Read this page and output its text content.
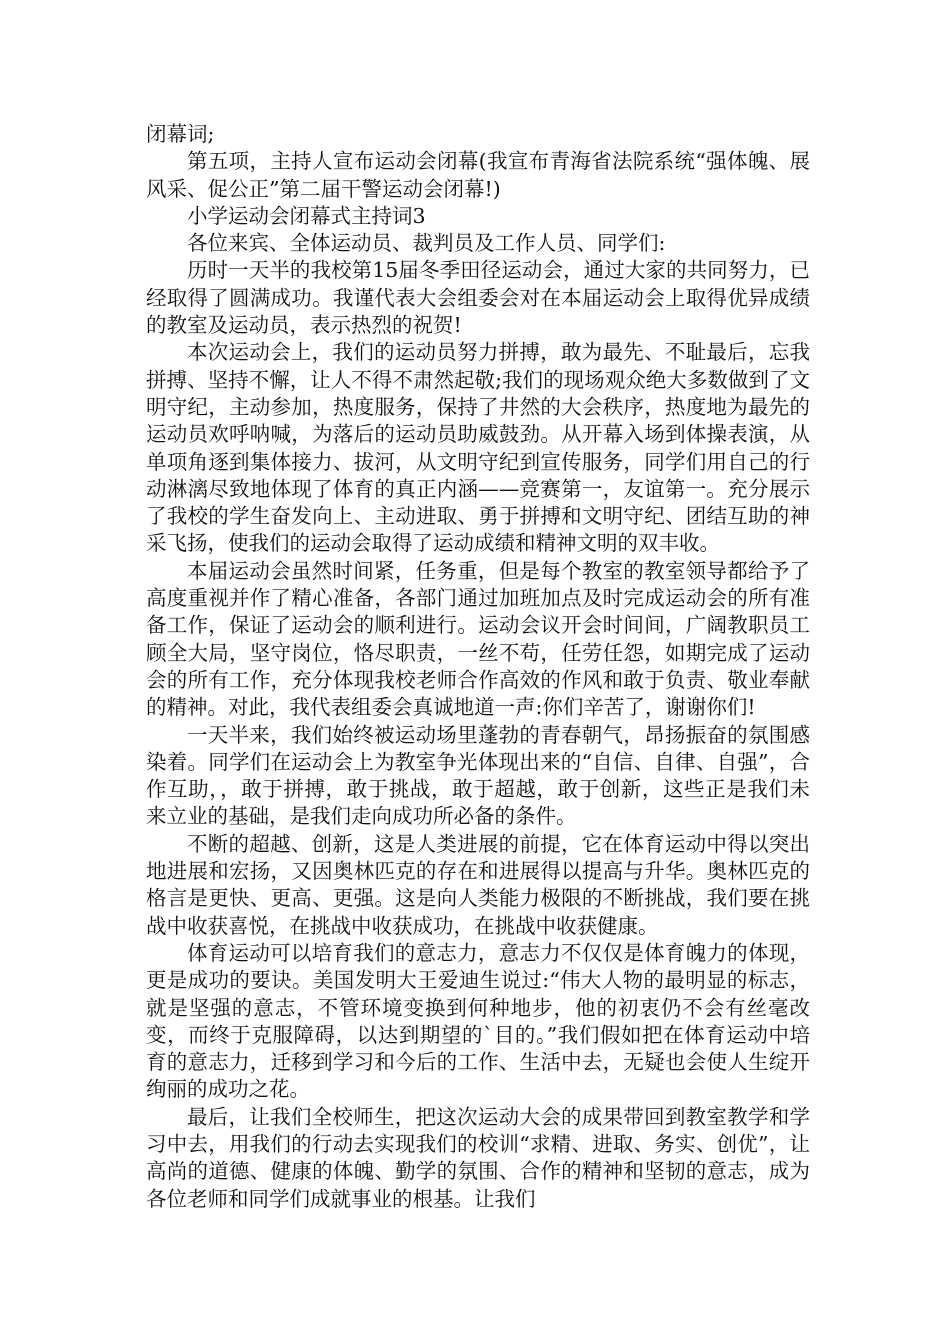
闭幕词;

第五项，主持人宣布运动会闭幕(我宣布青海省法院系统“强体魄、展风采、促公正”第二届干警运动会闭幕!)

小学运动会闭幕式主持词3

各位来宾、全体运动员、裁判员及工作人员、同学们:

历时一天半的我校第15届冬季田径运动会，通过大家的共同努力，已经取得了圆满成功。我谨代表大会组委会对在本届运动会上取得优异成绩的教室及运动员，表示热烈的祝贺!

本次运动会上，我们的运动员努力拼搏，敢为最先、不耻最后，忘我拼搏、坚持不懈，让人不得不肃然起敬;我们的现场观众绝大多数做到了文明守纪，主动参加，热度服务，保持了井然的大会秩序，热度地为最先的运动员欢呼呐喊，为落后的运动员助威鼓劲。从开幕入场到体操表演，从单项角逐到集体接力、拔河，从文明守纪到宣传服务，同学们用自己的行动淋漓尽致地体现了体育的真正内涵——竞赛第一，友谊第一。充分展示了我校的学生奋发向上、主动进取、勇于拼搏和文明守纪、团结互助的神采飞扬，使我们的运动会取得了运动成绩和精神文明的双丰收。

本届运动会虽然时间紧，任务重，但是每个教室的教室领导都给予了高度重视并作了精心准备，各部门通过加班加点及时完成运动会的所有准备工作，保证了运动会的顺利进行。运动会议开会时间间，广阔教职员工顾全大局，坚守岗位，恪尽职责，一丝不苟，任劳任怨，如期完成了运动会的所有工作，充分体现我校老师合作高效的作风和敢于负责、敬业奉献的精神。对此，我代表组委会真诚地道一声:你们辛苦了，谢谢你们!

一天半来，我们始终被运动场里蓬勃的青春朝气，昂扬振奋的氛围感染着。同学们在运动会上为教室争光体现出来的“自信、自律、自强”，合作互助，，敢于拼搏，敢于挑战，敢于超越，敢于创新，这些正是我们未来立业的基础，是我们走向成功所必备的条件。

不断的超越、创新，这是人类进展的前提，它在体育运动中得以突出地进展和宏扬，又因奥林匹克的存在和进展得以提高与升华。奥林匹克的格言是更快、更高、更强。这是向人类能力极限的不断挑战，我们要在挑战中收获喜悦，在挑战中收获成功，在挑战中收获健康。

体育运动可以培育我们的意志力，意志力不仅仅是体育魄力的体现，更是成功的要诀。美国发明大王爱迪生说过:“伟大人物的最明显的标志，就是坚强的意志，不管环境变换到何种地步，他的初衷仍不会有丝毫改变，而终于克服障碍，以达到期望的`目的。”我们假如把在体育运动中培育的意志力，迁移到学习和今后的工作、生活中去，无疑也会使人生绽开绚丽的成功之花。

最后，让我们全校师生，把这次运动大会的成果带回到教室教学和学习中去，用我们的行动去实现我们的校训“求精、进取、务实、创优”，让高尚的道德、健康的体魄、勤学的氛围、合作的精神和坚韧的意志，成为各位老师和同学们成就事业的根基。让我们
